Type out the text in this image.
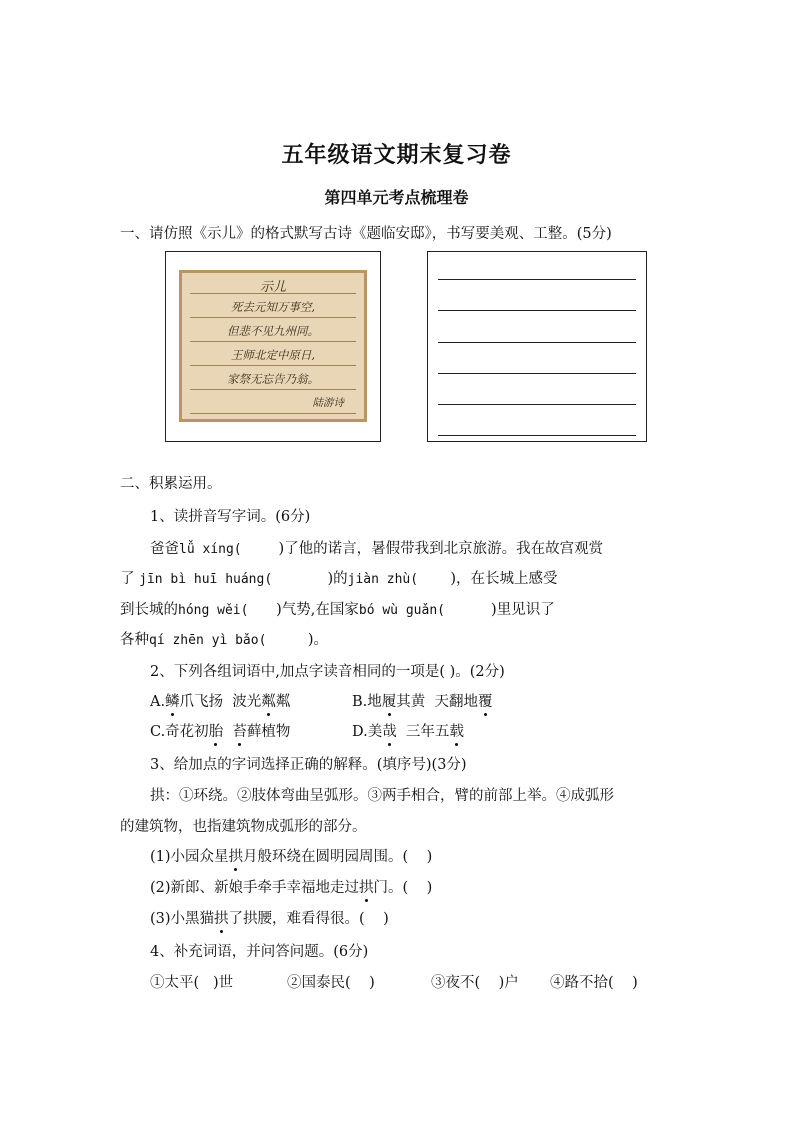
五年级语文期末复习卷
第四单元考点梳理卷
一、请仿照《示儿》的格式默写古诗《题临安邸》，书写要美观、工整。(5分)
示儿
死去元知万事空,
但悲不见九州同。
王师北定中原日,
家祭无忘告乃翁。
陆游诗
二、积累运用。
1、读拼音写字词。(6分)
爸爸lǚ xíng(        )了他的诺言，暑假带我到北京旅游。我在故宫观赏
了 jīn bì huī huáng(            )的jiàn zhù(       )，在长城上感受
到长城的hóng wěi(      )气势,在国家bó wù guǎn(          )里见识了
各种qí zhēn yì bǎo(         )。
2、下列各组词语中,加点字读音相同的一项是( )。(2分)
A.鳞爪飞扬  波光粼粼	B.地履其黄  天翻地覆
C.奇花初胎 苔藓植物	D.美哉  三年五载
3、给加点的字词选择正确的解释。(填序号)(3分)
拱：①环绕。②肢体弯曲呈弧形。③两手相合，臂的前部上举。④成弧形
的建筑物，也指建筑物成弧形的部分。
(1)小园众星拱月般环绕在圆明园周围。(    )
(2)新郎、新娘手牵手幸福地走过拱门。(    )
(3)小黑猫拱了拱腰，难看得很。(    )
4、补充词语，并问答问题。(6分)
①太平(   )世	②国泰民(    )	③夜不(    )户 ④路不拾(    )
